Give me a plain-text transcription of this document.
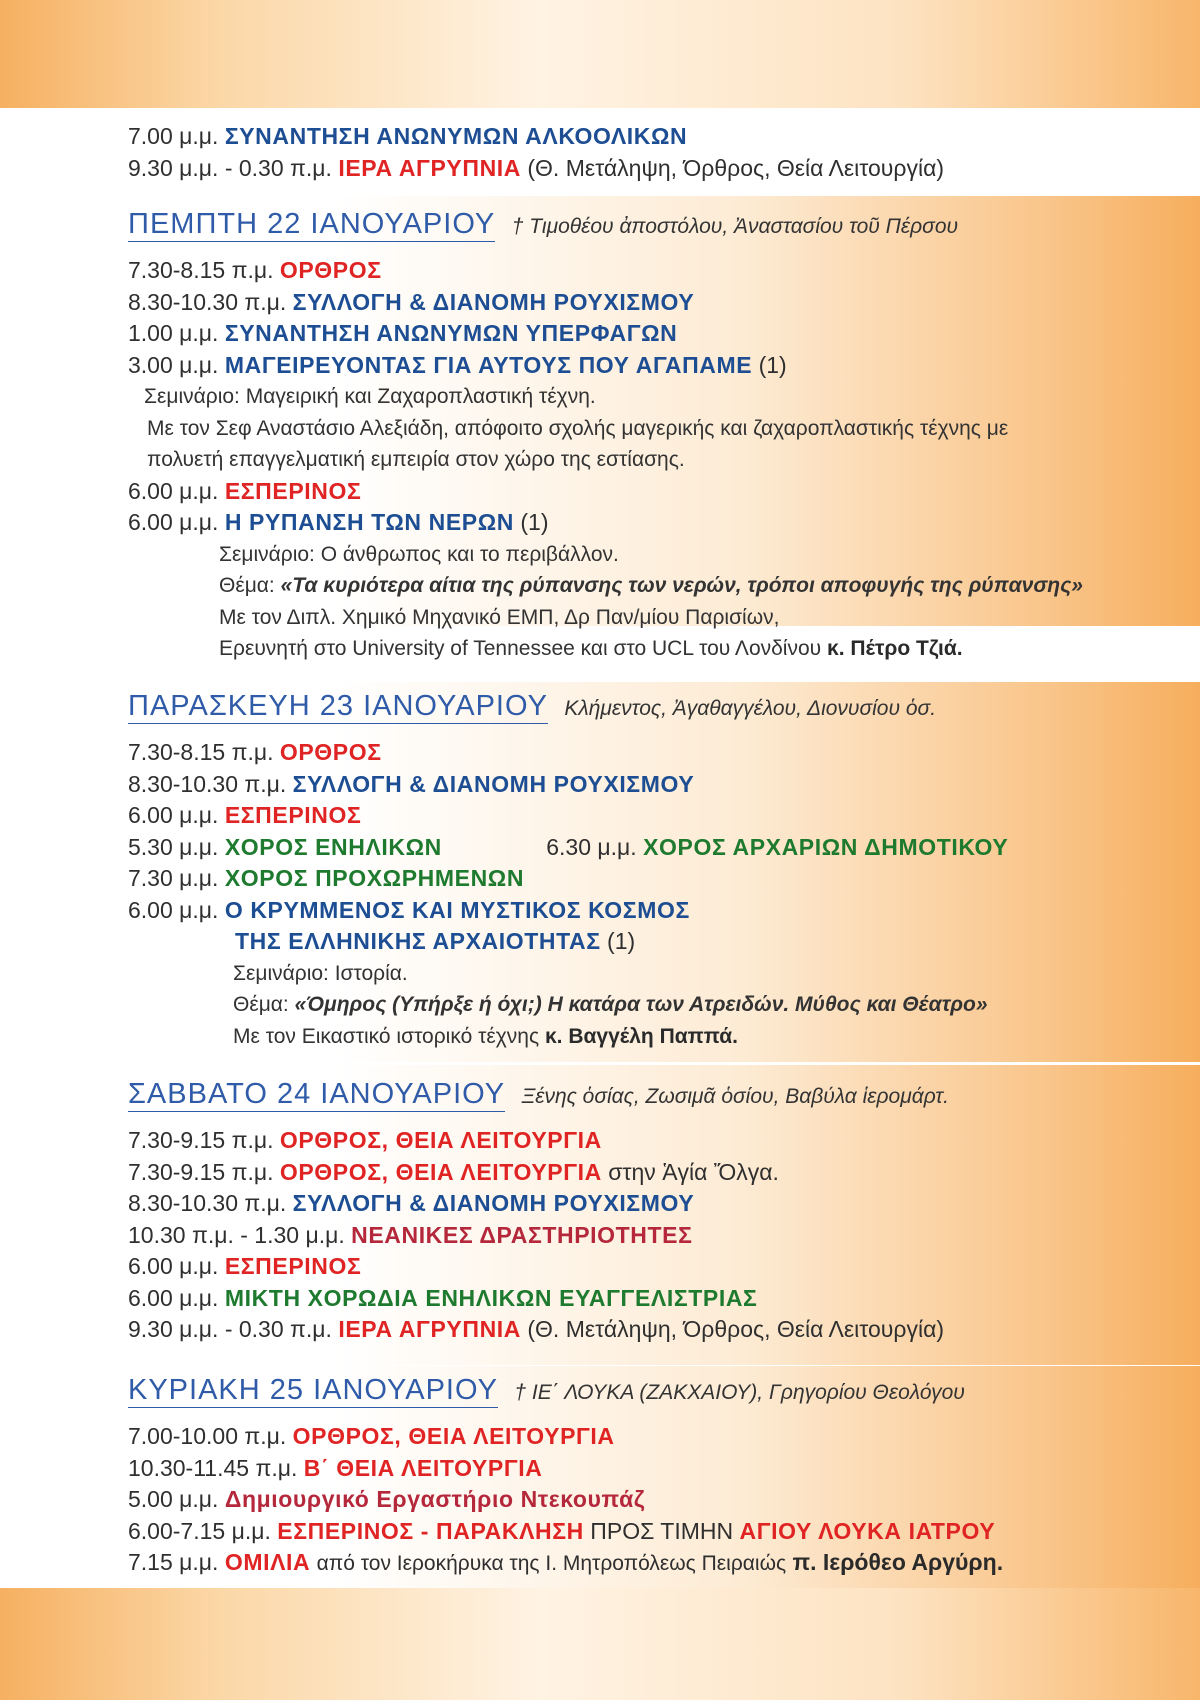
7.00 μ.μ. ΣΥΝΑΝΤΗΣΗ ΑΝΩΝΥΜΩΝ ΑΛΚΟΟΛΙΚΩΝ
9.30 μ.μ. - 0.30 π.μ. ΙΕΡΑ ΑΓΡΥΠΝΙΑ (Θ. Μετάληψη, Όρθρος, Θεία Λειτουργία)
ΠΕΜΠΤΗ 22 ΙΑΝΟΥΑΡΙΟΥ † Τιμοθέου ἀποστόλου, Ἀναστασίου τοῦ Πέρσου
7.30-8.15 π.μ. ΟΡΘΡΟΣ
8.30-10.30 π.μ. ΣΥΛΛΟΓΗ & ΔΙΑΝΟΜΗ ΡΟΥΧΙΣΜΟΥ
1.00 μ.μ. ΣΥΝΑΝΤΗΣΗ ΑΝΩΝΥΜΩΝ ΥΠΕΡΦΑΓΩΝ
3.00 μ.μ. ΜΑΓΕΙΡΕΥΟΝΤΑΣ ΓΙΑ ΑΥΤΟΥΣ ΠΟΥ ΑΓΑΠΑΜΕ (1)
Σεμινάριο: Μαγειρική και Ζαχαροπλαστική τέχνη.
Με τον Σεφ Αναστάσιο Αλεξιάδη, απόφοιτο σχολής μαγερικής και ζαχαροπλαστικής τέχνης με
πολυετή επαγγελματική εμπειρία στον χώρο της εστίασης.
6.00 μ.μ. ΕΣΠΕΡΙΝΟΣ
6.00 μ.μ. Η ΡΥΠΑΝΣΗ ΤΩΝ ΝΕΡΩΝ (1)
Σεμινάριο: Ο άνθρωπος και το περιβάλλον.
Θέμα: «Τα κυριότερα αίτια της ρύπανσης των νερών, τρόποι αποφυγής της ρύπανσης»
Με τον Διπλ. Χημικό Μηχανικό ΕΜΠ, Δρ Παν/μίου Παρισίων,
Ερευνητή στο University of Tennessee και στο UCL του Λονδίνου κ. Πέτρο Τζιά.
ΠΑΡΑΣΚΕΥΗ 23 ΙΑΝΟΥΑΡΙΟΥ Κλήμεντος, Ἀγαθαγγέλου, Διονυσίου ὁσ.
7.30-8.15 π.μ. ΟΡΘΡΟΣ
8.30-10.30 π.μ. ΣΥΛΛΟΓΗ & ΔΙΑΝΟΜΗ ΡΟΥΧΙΣΜΟΥ
6.00 μ.μ. ΕΣΠΕΡΙΝΟΣ
5.30 μ.μ. ΧΟΡΟΣ ΕΝΗΛΙΚΩΝ	6.30 μ.μ. ΧΟΡΟΣ ΑΡΧΑΡΙΩΝ ΔΗΜΟΤΙΚΟΥ
7.30 μ.μ. ΧΟΡΟΣ ΠΡΟΧΩΡΗΜΕΝΩΝ
6.00 μ.μ. Ο ΚΡΥΜΜΕΝΟΣ ΚΑΙ ΜΥΣΤΙΚΟΣ ΚΟΣΜΟΣ
ΤΗΣ ΕΛΛΗΝΙΚΗΣ ΑΡΧΑΙΟΤΗΤΑΣ (1)
Σεμινάριο: Ιστορία.
Θέμα: «Όμηρος (Υπήρξε ή όχι;) Η κατάρα των Ατρειδών. Μύθος και Θέατρο»
Με τον Εικαστικό ιστορικό τέχνης κ. Βαγγέλη Παππά.
ΣΑΒΒΑΤΟ 24 ΙΑΝΟΥΑΡΙΟΥ Ξένης ὁσίας, Ζωσιμᾶ ὁσίου, Βαβύλα ἱερομάρτ.
7.30-9.15 π.μ. ΟΡΘΡΟΣ, ΘΕΙΑ ΛΕΙΤΟΥΡΓΙΑ
7.30-9.15 π.μ. ΟΡΘΡΟΣ, ΘΕΙΑ ΛΕΙΤΟΥΡΓΙΑ στην Ἁγία Ὄλγα.
8.30-10.30 π.μ. ΣΥΛΛΟΓΗ & ΔΙΑΝΟΜΗ ΡΟΥΧΙΣΜΟΥ
10.30 π.μ. - 1.30 μ.μ. ΝΕΑΝΙΚΕΣ ΔΡΑΣΤΗΡΙΟΤΗΤΕΣ
6.00 μ.μ. ΕΣΠΕΡΙΝΟΣ
6.00 μ.μ. ΜΙΚΤΗ ΧΟΡΩΔΙΑ ΕΝΗΛΙΚΩΝ ΕΥΑΓΓΕΛΙΣΤΡΙΑΣ
9.30 μ.μ. - 0.30 π.μ. ΙΕΡΑ ΑΓΡΥΠΝΙΑ (Θ. Μετάληψη, Όρθρος, Θεία Λειτουργία)
ΚΥΡΙΑΚΗ 25 ΙΑΝΟΥΑΡΙΟΥ † ΙΕ΄ ΛΟΥΚΑ (ΖΑΚΧΑΙΟΥ), Γρηγορίου Θεολόγου
7.00-10.00 π.μ. ΟΡΘΡΟΣ, ΘΕΙΑ ΛΕΙΤΟΥΡΓΙΑ
10.30-11.45 π.μ. Β΄ ΘΕΙΑ ΛΕΙΤΟΥΡΓΙΑ
5.00 μ.μ. Δημιουργικό Εργαστήριο Ντεκουπάζ
6.00-7.15 μ.μ. ΕΣΠΕΡΙΝΟΣ - ΠΑΡΑΚΛΗΣΗ ΠΡΟΣ ΤΙΜΗΝ ΑΓΙΟΥ ΛΟΥΚΑ ΙΑΤΡΟΥ
7.15 μ.μ. ΟΜΙΛΙΑ από τον Ιεροκήρυκα της Ι. Μητροπόλεως Πειραιώς π. Ιερόθεο Αργύρη.
